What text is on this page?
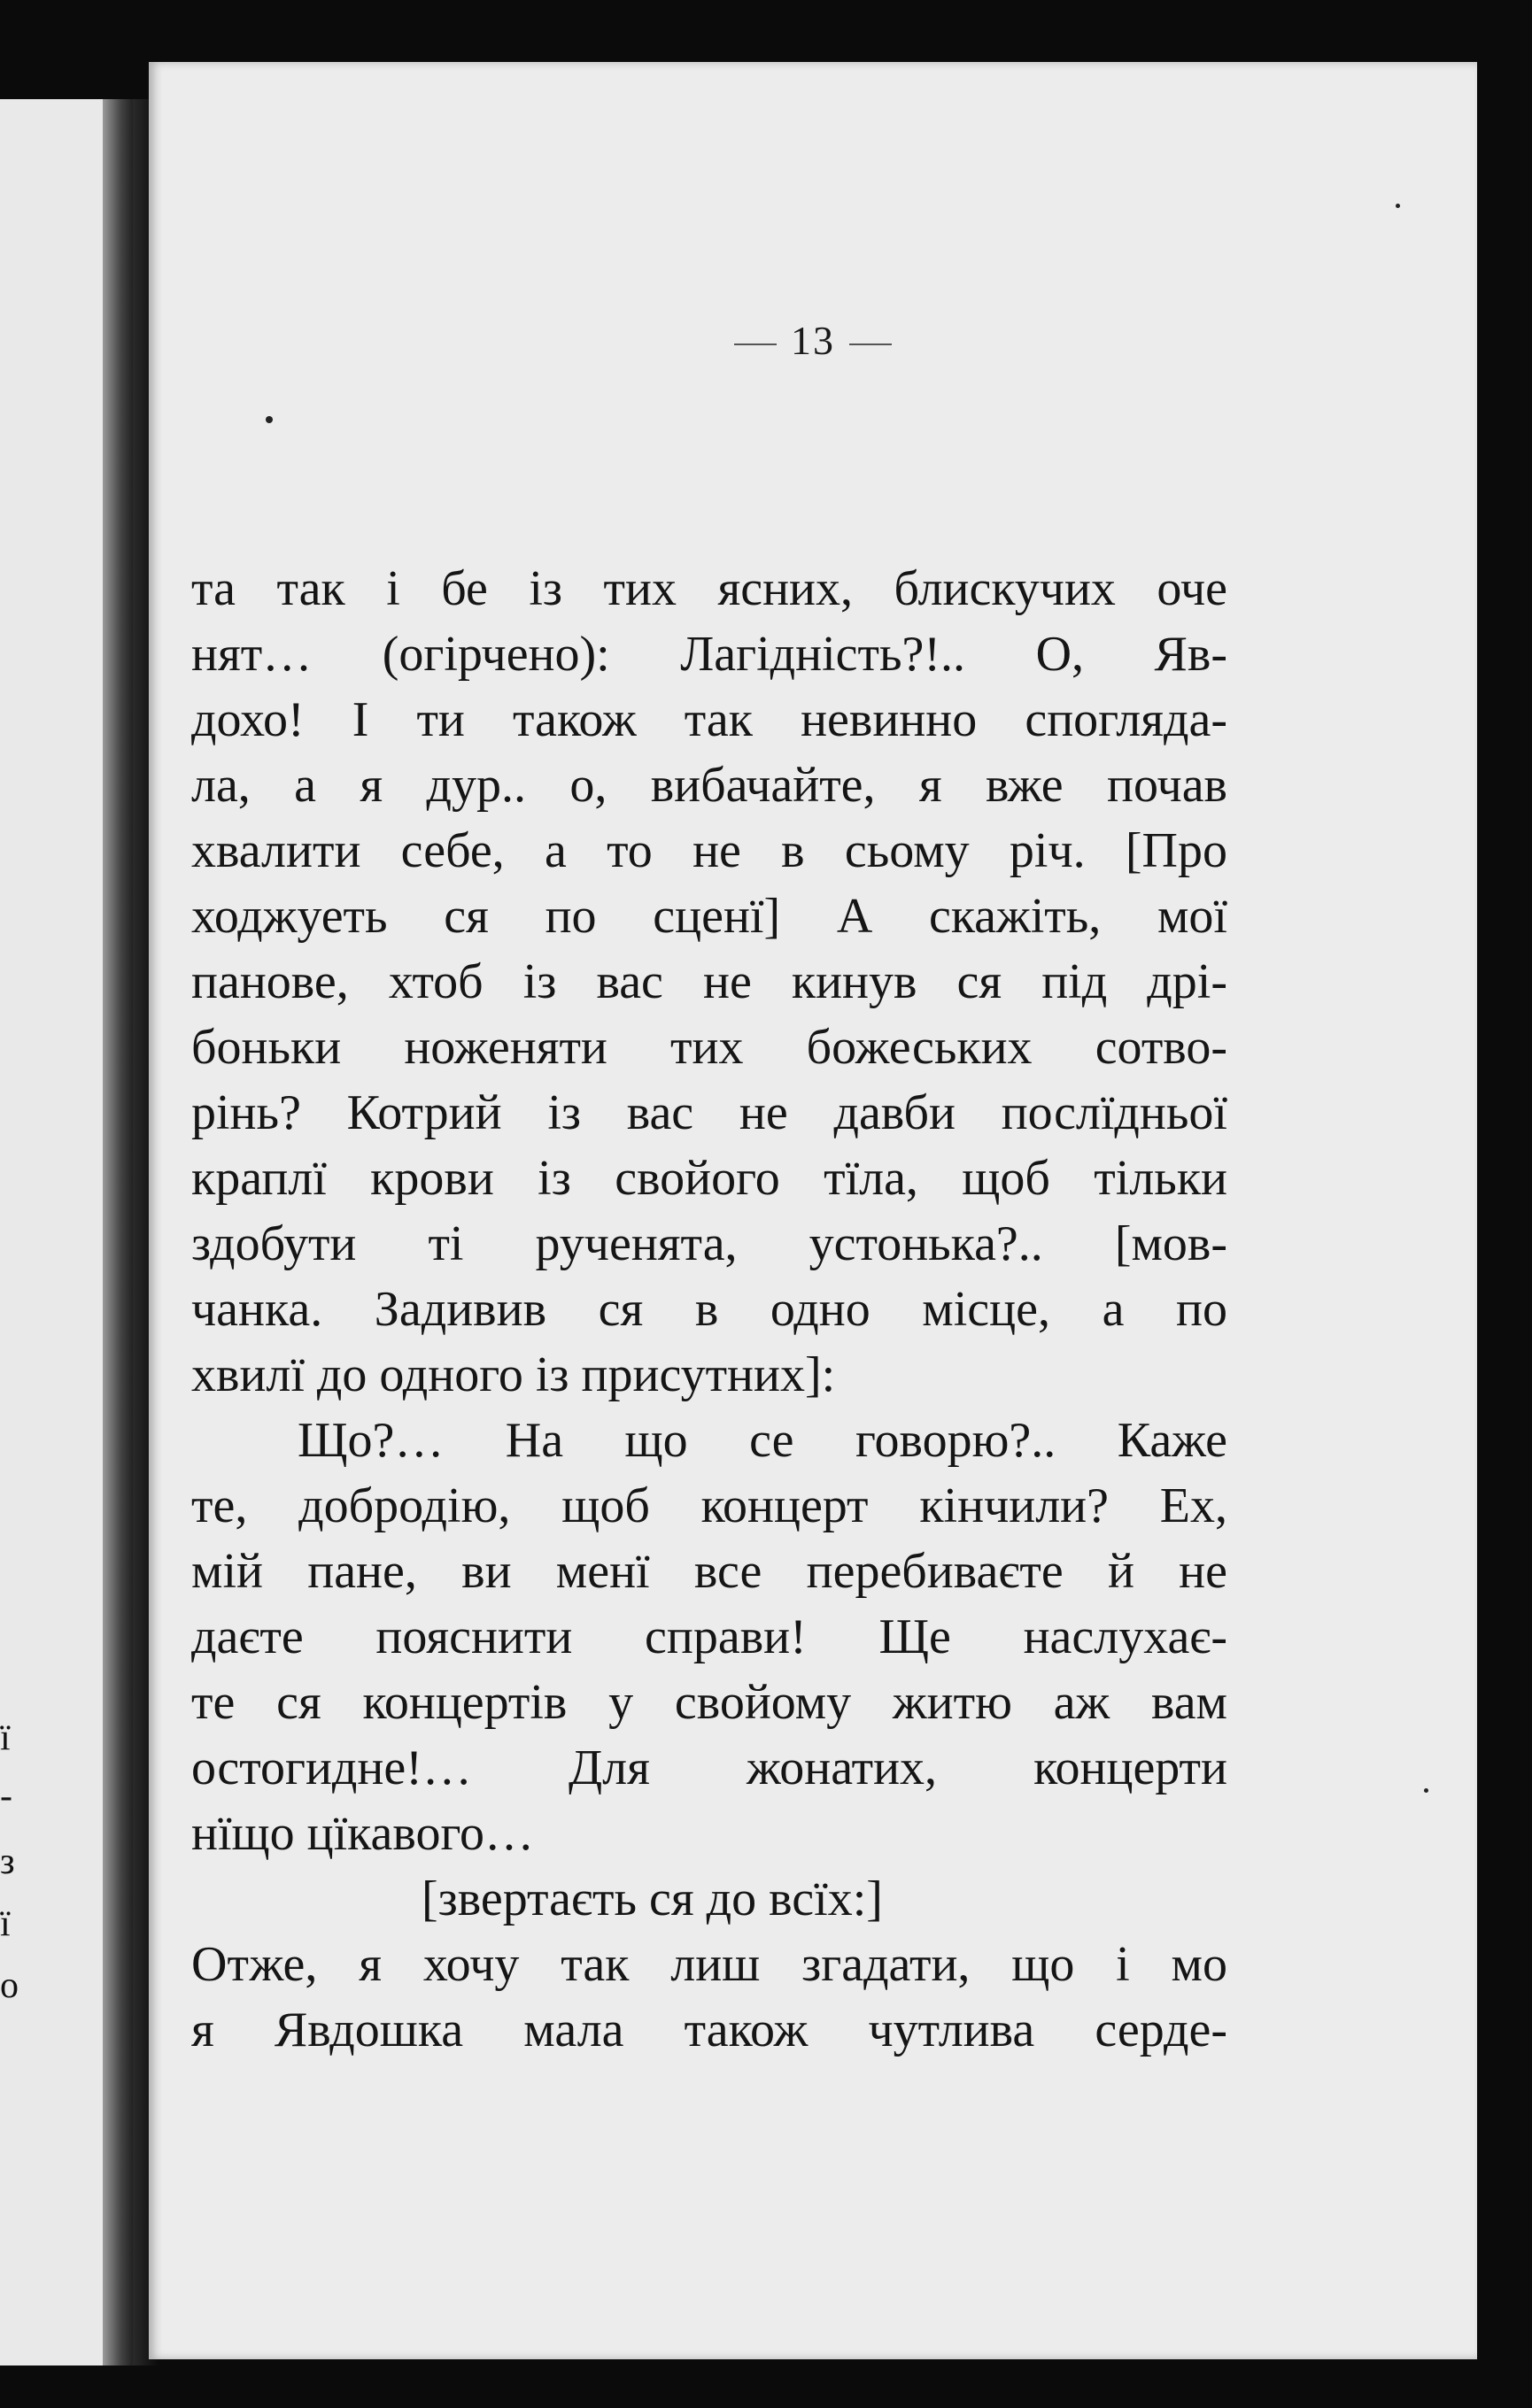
ї
-
з
ї
о
13
та так і бе із тих ясних, блискучих оче
нят… (огірчено): Лагідність?!.. О, Яв-
дохо! І ти також так невинно споглядa-
ла, а я дур.. о, вибачайте, я вже почав
хвалити себе, а то не в сьому річ. [Про
ходжуеть ся по сценї] А скажіть, мої
панове, хтоб із вас не кинув ся під дрі-
боньки ноженяти тих божеських сотво-
рінь? Котрий із вас не давби послїдньої
краплї крови із свойого тїла, щоб тільки
здобути ті рученята, устонька?.. [мов-
чанка. Задивив ся в одно місце, а по
хвилї до одного із присутних]:
Що?… На що се говорю?.. Каже
те, добродію, щоб концерт кінчили? Ех,
мій пане, ви менї все перебиваєте й не
даєте пояснити справи! Ще наслухає-
те ся концертів у свойому житю аж вам
остогидне!… Для жонатих, концерти
нїщо цїкавого…
[звертаєть ся до всїх:]
Отже, я хочу так лиш згадати, що і мо
я Явдошка мала також чутлива серде-
